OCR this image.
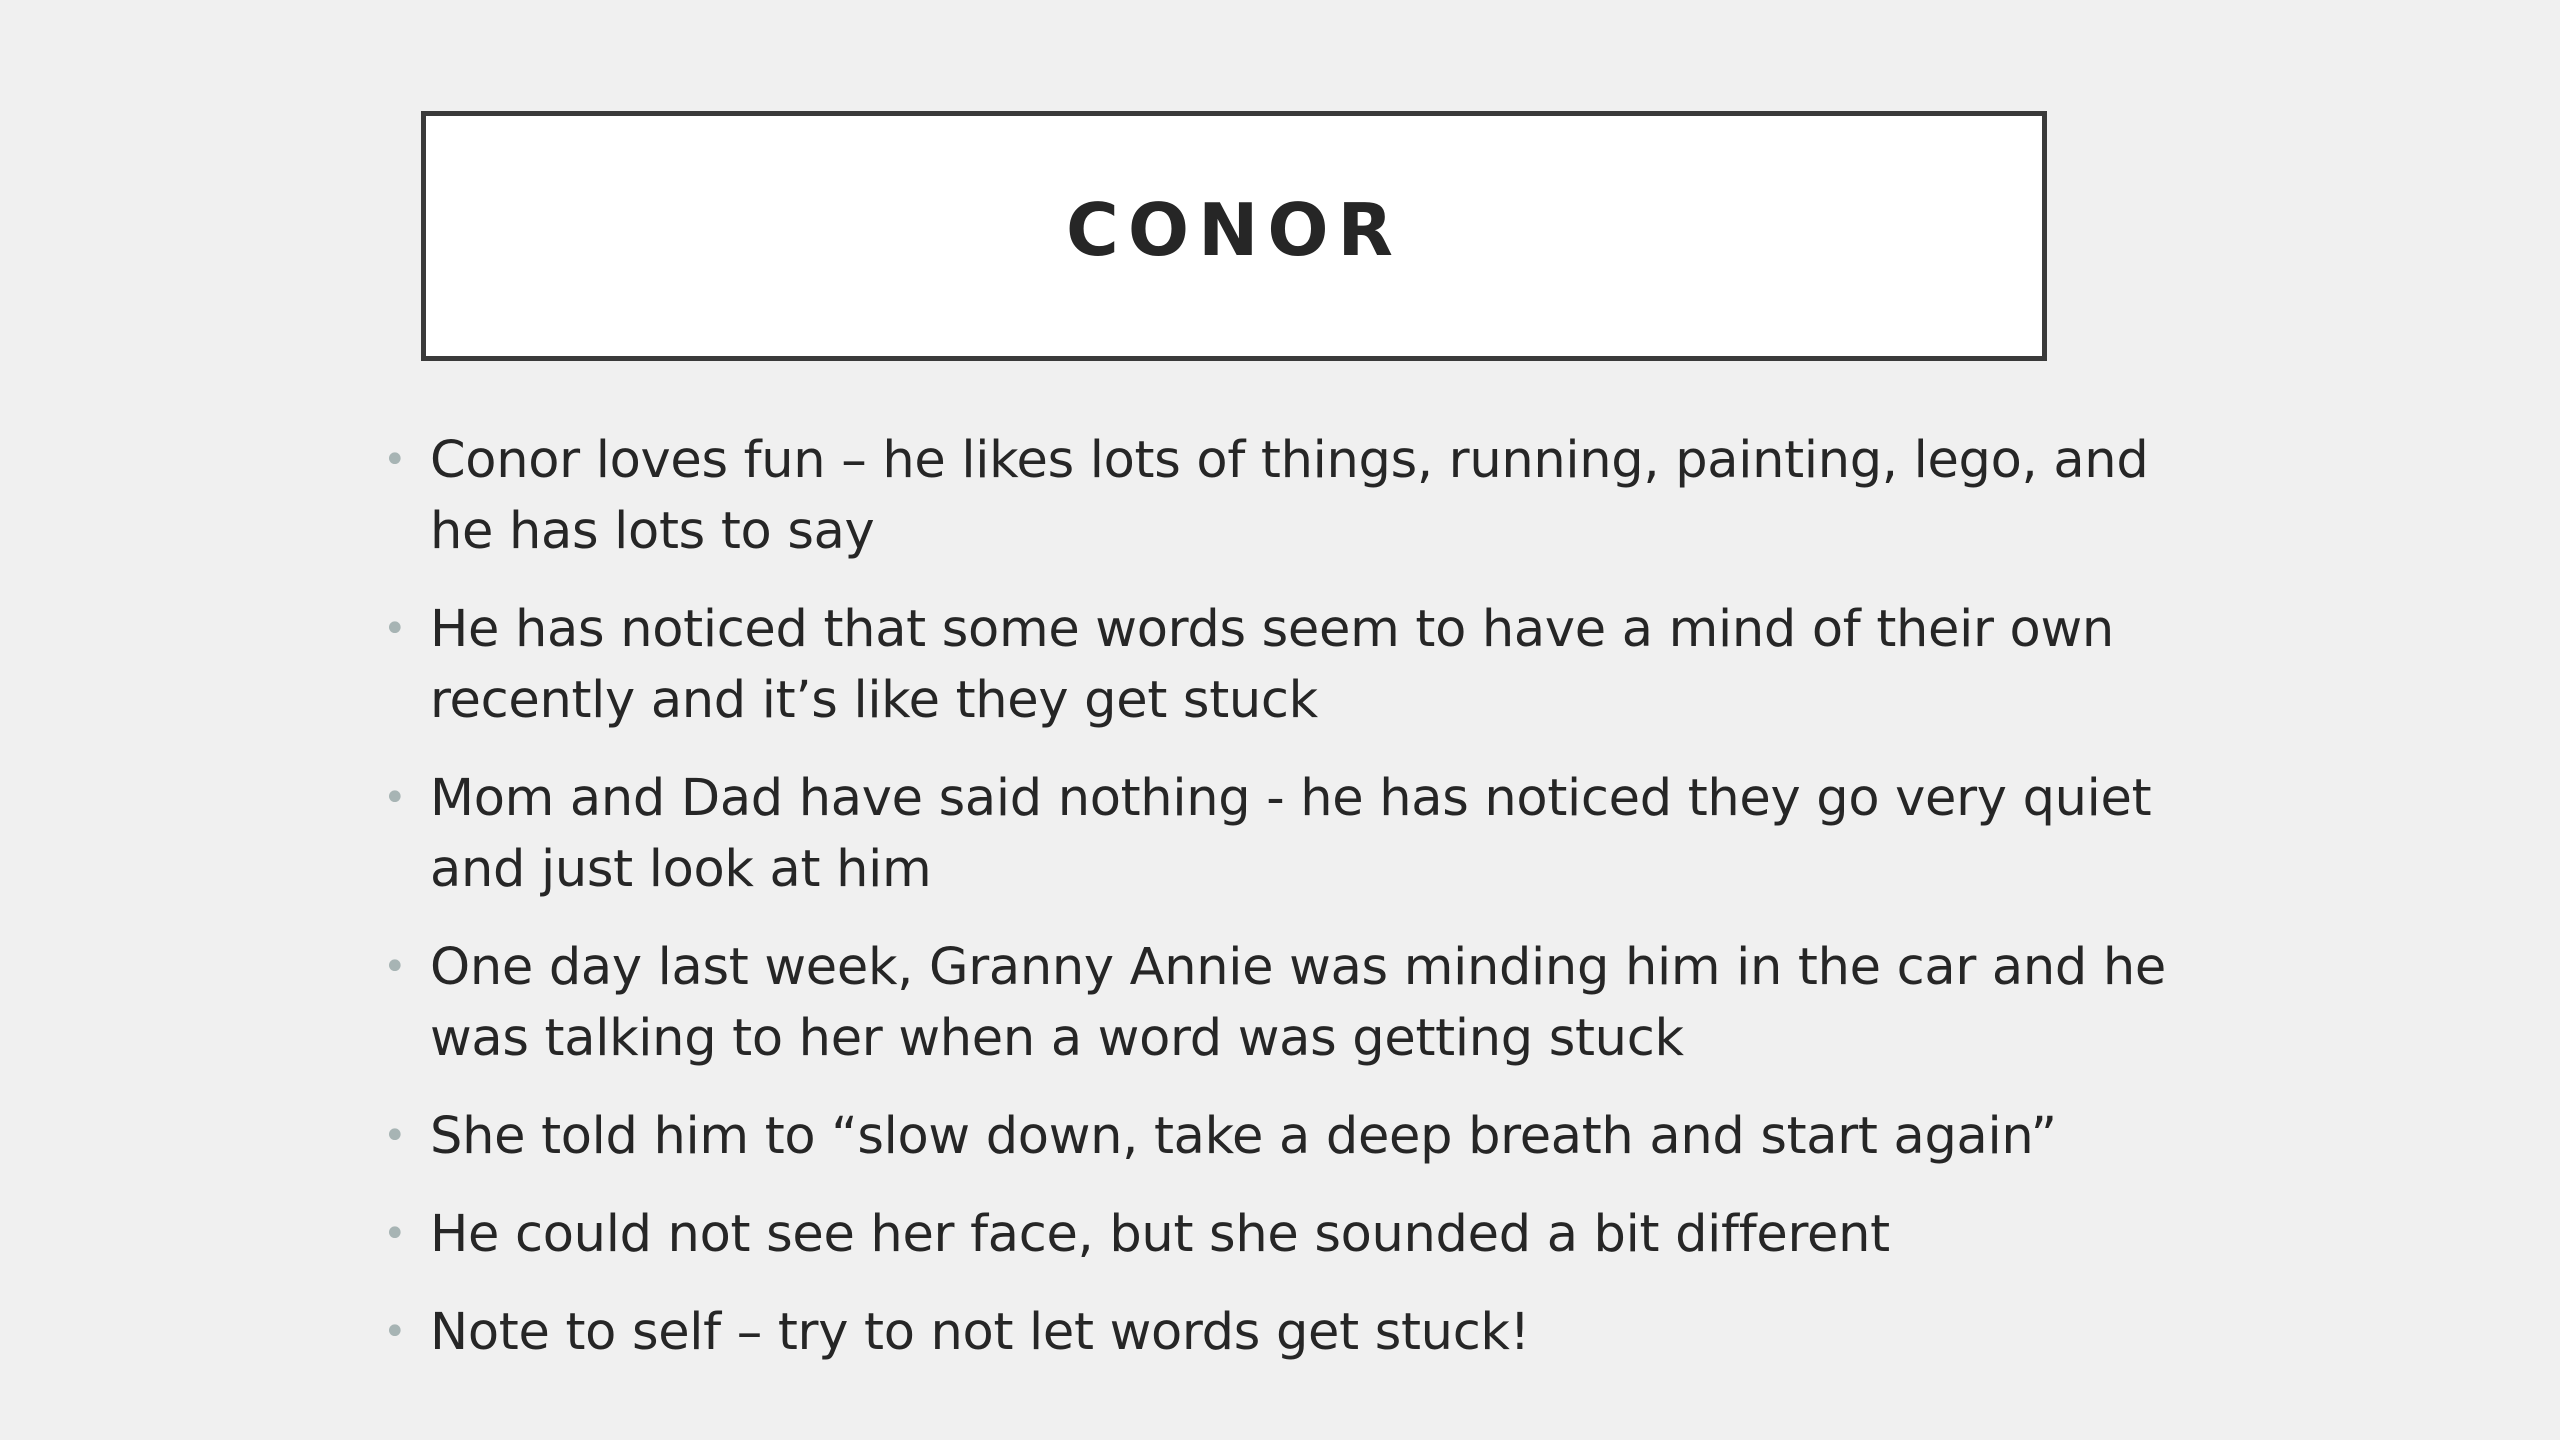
CONOR
• Conor loves fun – he likes lots of things, running, painting, lego, and he has lots to say
• He has noticed that some words seem to have a mind of their own recently and it’s like they get stuck
• Mom and Dad have said nothing - he has noticed they go very quiet and just look at him
• One day last week, Granny Annie was minding him in the car and he was talking to her when a word was getting stuck
• She told him to “slow down, take a deep breath and start again”
• He could not see her face, but she sounded a bit different
• Note to self – try to not let words get stuck!
